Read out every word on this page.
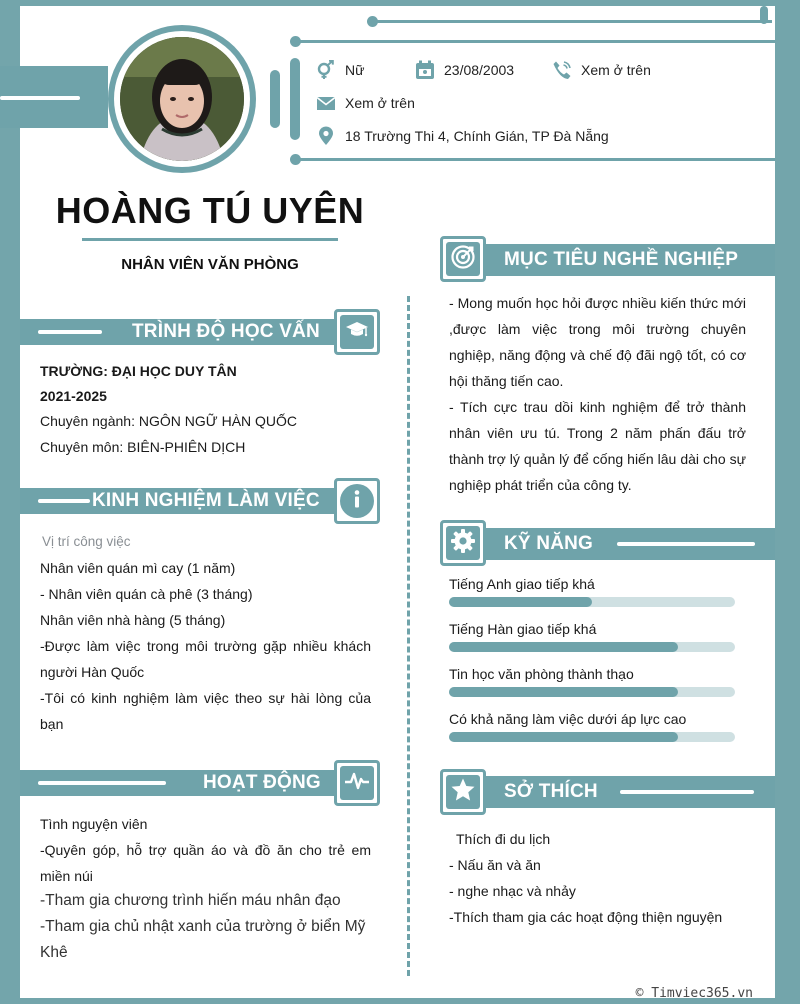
Nữ	23/08/2003	Xem ở trên
Xem ở trên
18 Trường Thi 4, Chính Gián, TP Đà Nẵng
HOÀNG TÚ UYÊN
NHÂN VIÊN VĂN PHÒNG
TRÌNH ĐỘ HỌC VẤN
TRƯỜNG: ĐẠI HỌC DUY TÂN
2021-2025
Chuyên ngành: NGÔN NGỮ HÀN QUỐC
Chuyên môn: BIÊN-PHIÊN DỊCH
KINH NGHIỆM LÀM VIỆC
Vị trí công việc
Nhân viên quán mì cay (1 năm)
- Nhân viên quán cà phê (3 tháng)
Nhân viên nhà hàng (5 tháng)
-Được làm việc trong môi trường gặp nhiều khách người Hàn Quốc
-Tôi có kinh nghiệm làm việc theo sự hài lòng của bạn
HOẠT ĐỘNG
Tình nguyện viên
-Quyên góp, hỗ trợ quần áo và đồ ăn cho trẻ em miền núi
-Tham gia chương trình hiến máu nhân đạo
-Tham gia chủ nhật xanh của trường ở biển Mỹ Khê
MỤC TIÊU NGHỀ NGHIỆP
- Mong muốn học hỏi được nhiều kiến thức mới ,được làm việc trong môi trường chuyên nghiệp, năng động và chế độ đãi ngộ tốt, có cơ hội thăng tiến cao.
- Tích cực trau dồi kinh nghiệm để trở thành nhân viên ưu tú. Trong 2 năm phấn đấu trở thành trợ lý quản lý để cống hiến lâu dài cho sự nghiệp phát triển của công ty.
KỸ NĂNG
Tiếng Anh giao tiếp khá
Tiếng Hàn giao tiếp khá
Tin học văn phòng thành thạo
Có khả năng làm việc dưới áp lực cao
SỞ THÍCH
Thích đi du lịch
- Nấu ăn và ăn
- nghe nhạc và nhảy
-Thích tham gia các hoạt động thiện nguyện
© Timviec365.vn
